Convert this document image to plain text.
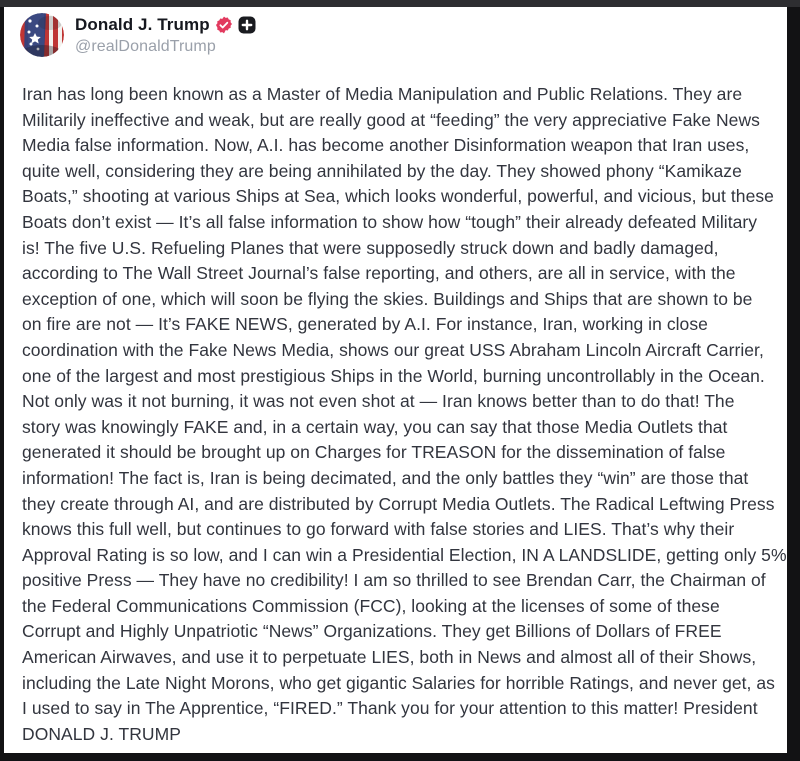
Donald J. Trump
@realDonaldTrump
Iran has long been known as a Master of Media Manipulation and Public Relations. They are
Militarily ineffective and weak, but are really good at “feeding” the very appreciative Fake News
Media false information. Now, A.I. has become another Disinformation weapon that Iran uses,
quite well, considering they are being annihilated by the day. They showed phony “Kamikaze
Boats,” shooting at various Ships at Sea, which looks wonderful, powerful, and vicious, but these
Boats don’t exist — It’s all false information to show how “tough” their already defeated Military
is! The five U.S. Refueling Planes that were supposedly struck down and badly damaged,
according to The Wall Street Journal’s false reporting, and others, are all in service, with the
exception of one, which will soon be flying the skies. Buildings and Ships that are shown to be
on fire are not — It’s FAKE NEWS, generated by A.I. For instance, Iran, working in close
coordination with the Fake News Media, shows our great USS Abraham Lincoln Aircraft Carrier,
one of the largest and most prestigious Ships in the World, burning uncontrollably in the Ocean.
Not only was it not burning, it was not even shot at — Iran knows better than to do that! The
story was knowingly FAKE and, in a certain way, you can say that those Media Outlets that
generated it should be brought up on Charges for TREASON for the dissemination of false
information! The fact is, Iran is being decimated, and the only battles they “win” are those that
they create through AI, and are distributed by Corrupt Media Outlets. The Radical Leftwing Press
knows this full well, but continues to go forward with false stories and LIES. That’s why their
Approval Rating is so low, and I can win a Presidential Election, IN A LANDSLIDE, getting only 5%
positive Press — They have no credibility! I am so thrilled to see Brendan Carr, the Chairman of
the Federal Communications Commission (FCC), looking at the licenses of some of these
Corrupt and Highly Unpatriotic “News” Organizations. They get Billions of Dollars of FREE
American Airwaves, and use it to perpetuate LIES, both in News and almost all of their Shows,
including the Late Night Morons, who get gigantic Salaries for horrible Ratings, and never get, as
I used to say in The Apprentice, “FIRED.” Thank you for your attention to this matter! President
DONALD J. TRUMP
